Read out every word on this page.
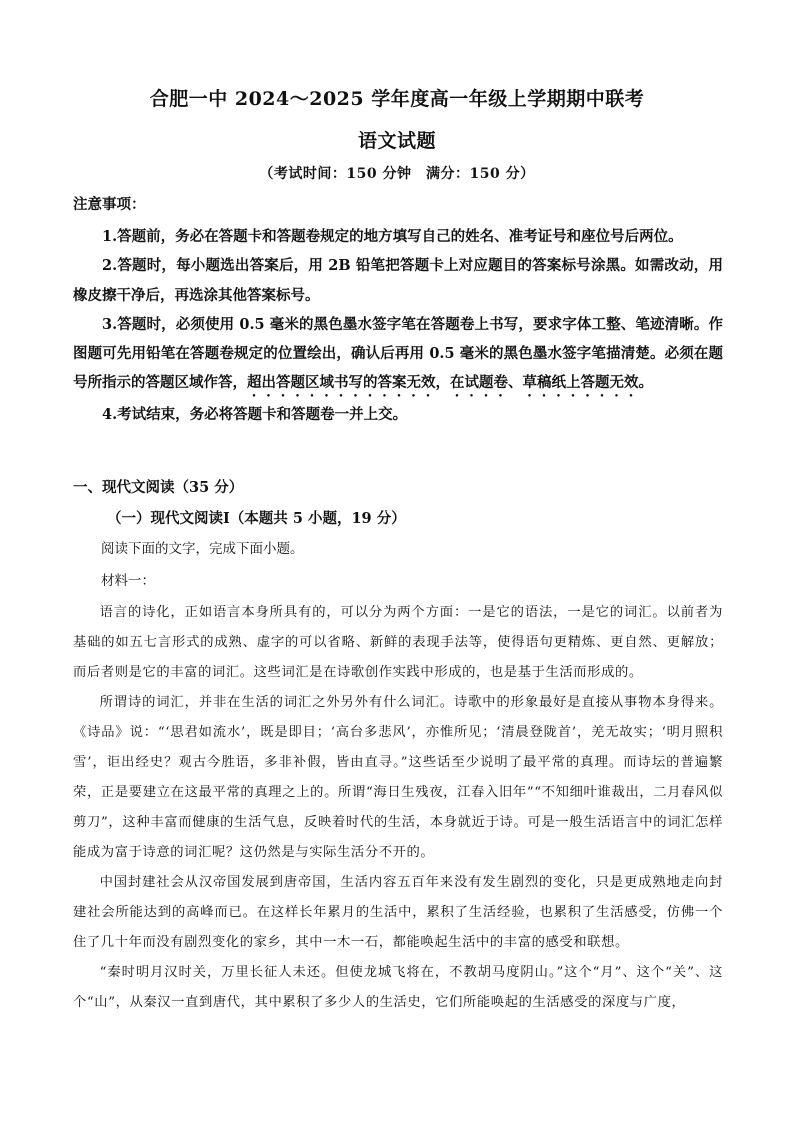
合肥一中 2024～2025 学年度高一年级上学期期中联考
语文试题
（考试时间：150 分钟　满分：150 分）
注意事项：

1.答题前，务必在答题卡和答题卷规定的地方填写自己的姓名、准考证号和座位号后两位。

2.答题时，每小题选出答案后，用 2B 铅笔把答题卡上对应题目的答案标号涂黑。如需改动，用橡皮擦干净后，再选涂其他答案标号。

3.答题时，必须使用 0.5 毫米的黑色墨水签字笔在答题卷上书写，要求字体工整、笔迹清晰。作图题可先用铅笔在答题卷规定的位置绘出，确认后再用 0.5 毫米的黑色墨水签字笔描清楚。必须在题号所指示的答题区域作答，超出答题区域书写的答案无效，在试题卷、草稿纸上答题无效。

4.考试结束，务必将答题卡和答题卷一并上交。

一、现代文阅读（35 分）
（一）现代文阅读Ⅰ（本题共 5 小题，19 分）
阅读下面的文字，完成下面小题。
材料一：

语言的诗化，正如语言本身所具有的，可以分为两个方面：一是它的语法，一是它的词汇。以前者为基础的如五七言形式的成熟、虚字的可以省略、新鲜的表现手法等，使得语句更精炼、更自然、更解放；而后者则是它的丰富的词汇。这些词汇是在诗歌创作实践中形成的，也是基于生活而形成的。

所谓诗的词汇，并非在生活的词汇之外另外有什么词汇。诗歌中的形象最好是直接从事物本身得来。《诗品》说：“‘思君如流水’，既是即目；‘高台多悲风’，亦惟所见；‘清晨登陇首’，羌无故实；‘明月照积雪’，讵出经史？观古今胜语，多非补假，皆由直寻。”这些话至少说明了最平常的真理。而诗坛的普遍繁荣，正是要建立在这最平常的真理之上的。所谓“海日生残夜，江春入旧年”“不知细叶谁裁出，二月春风似剪刀”，这种丰富而健康的生活气息，反映着时代的生活，本身就近于诗。可是一般生活语言中的词汇怎样能成为富于诗意的词汇呢？这仍然是与实际生活分不开的。

中国封建社会从汉帝国发展到唐帝国，生活内容五百年来没有发生剧烈的变化，只是更成熟地走向封建社会所能达到的高峰而已。在这样长年累月的生活中，累积了生活经验，也累积了生活感受，仿佛一个住了几十年而没有剧烈变化的家乡，其中一木一石，都能唤起生活中的丰富的感受和联想。

“秦时明月汉时关，万里长征人未还。但使龙城飞将在，不教胡马度阴山。”这个“月”、这个“关”、这个“山”，从秦汉一直到唐代，其中累积了多少人的生活史，它们所能唤起的生活感受的深度与广度，
